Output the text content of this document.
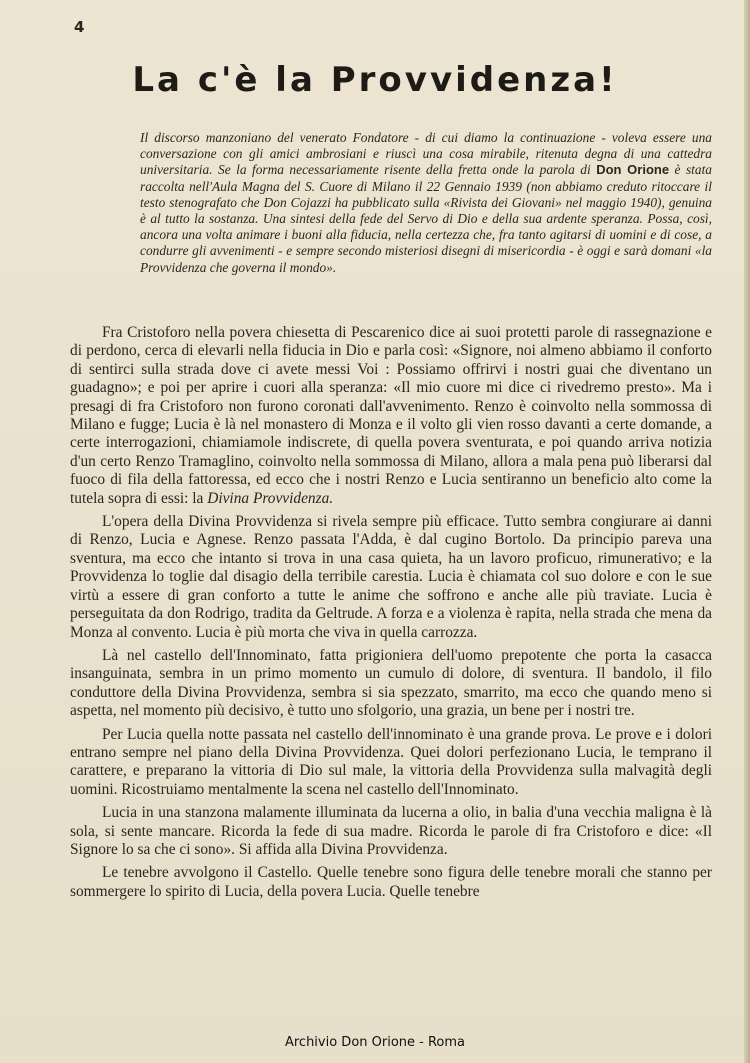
4
La c'è la Provvidenza!

Il discorso manzoniano del venerato Fondatore - di cui diamo la continuazione - voleva essere una conversazione con gli amici ambrosiani e riuscì una cosa mirabile, ritenuta degna di una cattedra universitaria. Se la forma necessariamente risente della fretta onde la parola di Don Orione è stata raccolta nell'Aula Magna del S. Cuore di Milano il 22 Gennaio 1939 (non abbiamo creduto ritoccare il testo stenografato che Don Cojazzi ha pubblicato sulla «Rivista dei Giovani» nel maggio 1940), genuina è al tutto la sostanza. Una sintesi della fede del Servo di Dio e della sua ardente speranza. Possa, così, ancora una volta animare i buoni alla fiducia, nella certezza che, fra tanto agitarsi di uomini e di cose, a condurre gli avvenimenti - e sempre secondo misteriosi disegni di misericordia - è oggi e sarà domani «la Provvidenza che governa il mondo».

Fra Cristoforo nella povera chiesetta di Pescarenico dice ai suoi protetti parole di rassegnazione e di perdono, cerca di elevarli nella fiducia in Dio e parla così: «Signore, noi almeno abbiamo il conforto di sentirci sulla strada dove ci avete messi Voi : Possiamo offrirvi i nostri guai che diventano un guadagno»; e poi per aprire i cuori alla speranza: «Il mio cuore mi dice ci rivedremo presto». Ma i presagi di fra Cristoforo non furono coronati dall'avvenimento. Renzo è coinvolto nella sommossa di Milano e fugge; Lucia è là nel monastero di Monza e il volto gli vien rosso davanti a certe domande, a certe interrogazioni, chiamiamole indiscrete, di quella povera sventurata, e poi quando arriva notizia d'un certo Renzo Tramaglino, coinvolto nella sommossa di Milano, allora a mala pena può liberarsi dal fuoco di fila della fattoressa, ed ecco che i nostri Renzo e Lucia sentiranno un beneficio alto come la tutela sopra di essi: la Divina Provvidenza.

L'opera della Divina Provvidenza si rivela sempre più efficace. Tutto sembra congiurare ai danni di Renzo, Lucia e Agnese. Renzo passata l'Adda, è dal cugino Bortolo. Da principio pareva una sventura, ma ecco che intanto si trova in una casa quieta, ha un lavoro proficuo, rimunerativo; e la Provvidenza lo toglie dal disagio della terribile carestia. Lucia è chiamata col suo dolore e con le sue virtù a essere di gran conforto a tutte le anime che soffrono e anche alle più traviate. Lucia è perseguitata da don Rodrigo, tradita da Geltrude. A forza e a violenza è rapita, nella strada che mena da Monza al convento. Lucia è più morta che viva in quella carrozza.

Là nel castello dell'Innominato, fatta prigioniera dell'uomo prepotente che porta la casacca insanguinata, sembra in un primo momento un cumulo di dolore, di sventura. Il bandolo, il filo conduttore della Divina Provvidenza, sembra si sia spezzato, smarrito, ma ecco che quando meno si aspetta, nel momento più decisivo, è tutto uno sfolgorio, una grazia, un bene per i nostri tre.

Per Lucia quella notte passata nel castello dell'innominato è una grande prova. Le prove e i dolori entrano sempre nel piano della Divina Provvidenza. Quei dolori perfezionano Lucia, le temprano il carattere, e preparano la vittoria di Dio sul male, la vittoria della Provvidenza sulla malvagità degli uomini. Ricostruiamo mentalmente la scena nel castello dell'Innominato.

Lucia in una stanzona malamente illuminata da lucerna a olio, in balia d'una vecchia maligna è là sola, si sente mancare. Ricorda la fede di sua madre. Ricorda le parole di fra Cristoforo e dice: «Il Signore lo sa che ci sono». Si affida alla Divina Provvidenza.

Le tenebre avvolgono il Castello. Quelle tenebre sono figura delle tenebre morali che stanno per sommergere lo spirito di Lucia, della povera Lucia. Quelle tenebre

Archivio Don Orione - Roma
